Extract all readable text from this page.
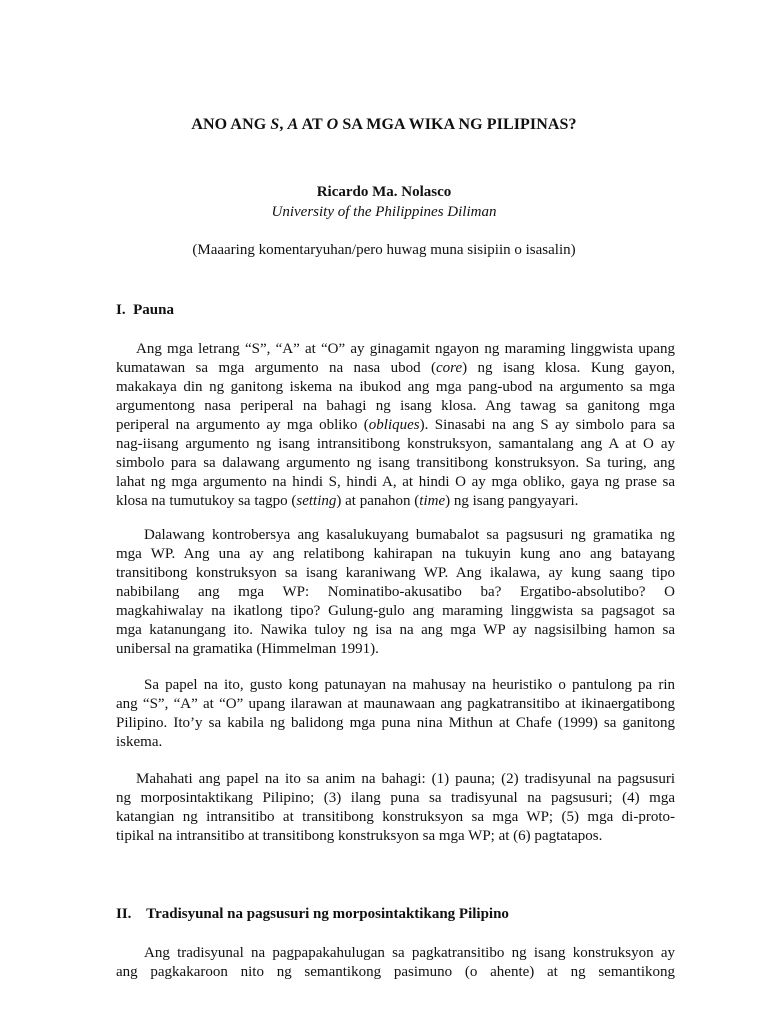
ANO ANG S, A AT O SA MGA WIKA NG PILIPINAS?
Ricardo Ma. Nolasco
University of the Philippines Diliman
(Maaaring komentaryuhan/pero huwag muna sisipiin o isasalin)
I. Pauna
Ang mga letrang “S”, “A” at “O” ay ginagamit ngayon ng maraming linggwista upang
kumatawan sa mga argumento na nasa ubod (core) ng isang klosa. Kung gayon,
makakaya din ng ganitong iskema na ibukod ang mga pang-ubod na argumento sa mga
argumentong nasa periperal na bahagi ng isang klosa. Ang tawag sa ganitong mga
periperal na argumento ay mga obliko (obliques). Sinasabi na ang S ay simbolo para sa
nag-iisang argumento ng isang intransitibong konstruksyon, samantalang ang A at O ay
simbolo para sa dalawang argumento ng isang transitibong konstruksyon. Sa turing, ang
lahat ng mga argumento na hindi S, hindi A, at hindi O ay mga obliko, gaya ng prase sa
klosa na tumutukoy sa tagpo (setting) at panahon (time) ng isang pangyayari.
Dalawang kontrobersya ang kasalukuyang bumabalot sa pagsusuri ng gramatika ng
mga WP. Ang una ay ang relatibong kahirapan na tukuyin kung ano ang batayang
transitibong konstruksyon sa isang karaniwang WP. Ang ikalawa, ay kung saang tipo
nabibilang ang mga WP: Nominatibo-akusatibo ba? Ergatibo-absolutibo? O
magkahiwalay na ikatlong tipo? Gulung-gulo ang maraming linggwista sa pagsagot sa
mga katanungang ito. Nawika tuloy ng isa na ang mga WP ay nagsisilbing hamon sa
unibersal na gramatika (Himmelman 1991).
Sa papel na ito, gusto kong patunayan na mahusay na heuristiko o pantulong pa rin
ang “S”, “A” at “O” upang ilarawan at maunawaan ang pagkatransitibo at ikinaergatibong
Pilipino. Ito’y sa kabila ng balidong mga puna nina Mithun at Chafe (1999) sa ganitong
iskema.
Mahahati ang papel na ito sa anim na bahagi: (1) pauna; (2) tradisyunal na pagsusuri
ng morposintaktikang Pilipino; (3) ilang puna sa tradisyunal na pagsusuri; (4) mga
katangian ng intransitibo at transitibong konstruksyon sa mga WP; (5) mga di-proto-
tipikal na intransitibo at transitibong konstruksyon sa mga WP; at (6) pagtatapos.
II. Tradisyunal na pagsusuri ng morposintaktikang Pilipino
Ang tradisyunal na pagpapakahulugan sa pagkatransitibo ng isang konstruksyon ay
ang pagkakaroon nito ng semantikong pasimuno (o ahente) at ng semantikong
